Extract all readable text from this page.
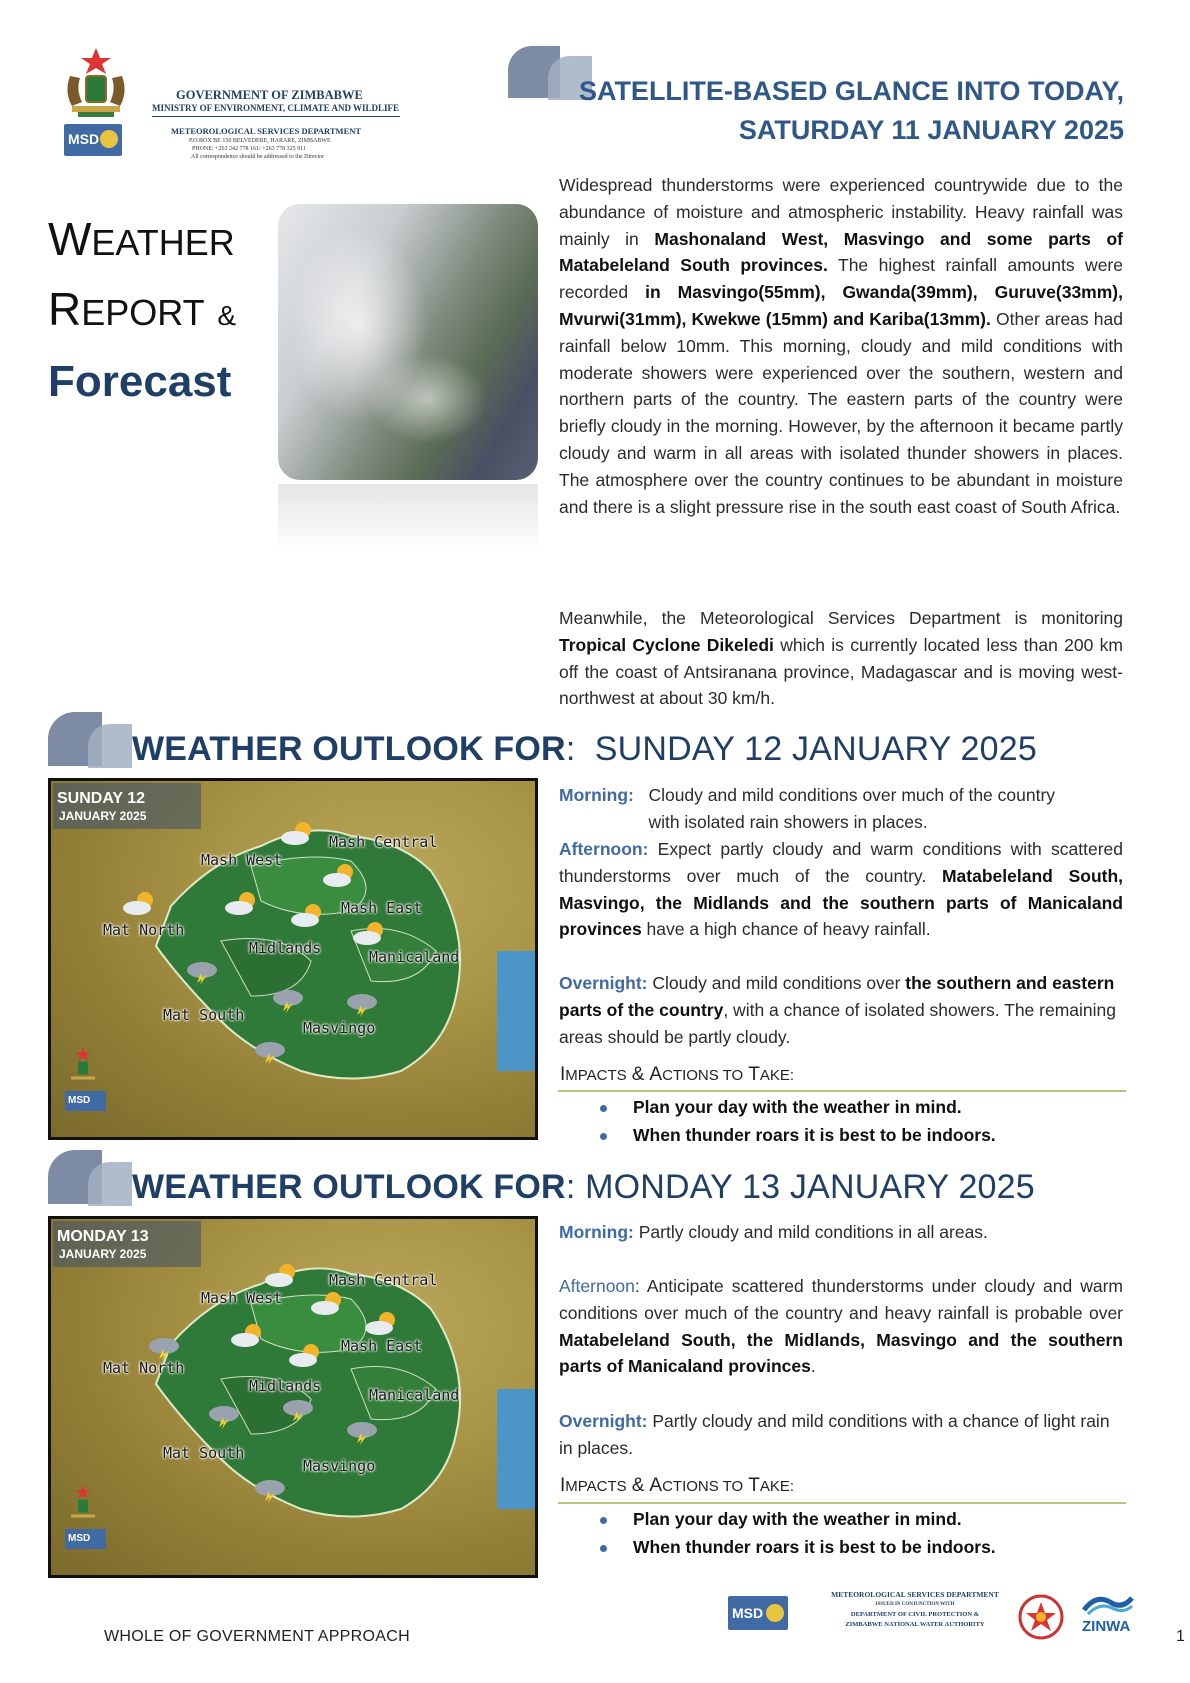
MSD
GOVERNMENT OF ZIMBABWE
MINISTRY OF ENVIRONMENT, CLIMATE AND WILDLIFE
METEOROLOGICAL SERVICES DEPARTMENT
P.O.BOX BE 150 BELVEDERE, HARARE, ZIMBABWE
PHONE: +263 242 778 161/ +263 778 325 911
All correspondence should be addressed to the Director
WEATHER
REPORT &
Forecast
SATELLITE-BASED GLANCE INTO TODAY,
SATURDAY 11 JANUARY 2025
Widespread thunderstorms were experienced countrywide due to the abundance of moisture and atmospheric instability. Heavy rainfall was mainly in Mashonaland West, Masvingo and some parts of Matabeleland South provinces. The highest rainfall amounts were recorded in Masvingo(55mm), Gwanda(39mm), Guruve(33mm), Mvurwi(31mm), Kwekwe (15mm) and Kariba(13mm). Other areas had rainfall below 10mm. This morning, cloudy and mild conditions with moderate showers were experienced over the southern, western and northern parts of the country. The eastern parts of the country were briefly cloudy in the morning. However, by the afternoon it became partly cloudy and warm in all areas with isolated thunder showers in places. The atmosphere over the country continues to be abundant in moisture and there is a slight pressure rise in the south east coast of South Africa.
Meanwhile, the Meteorological Services Department is monitoring Tropical Cyclone Dikeledi which is currently located less than 200 km off the coast of Antsiranana province, Madagascar and is moving west-northwest at about 30 km/h.
WEATHER OUTLOOK FOR: SUNDAY 12 JANUARY 2025
SUNDAY 12
JANUARY 2025
Mash Central
Mash West
Mash East
Mat North
Midlands	Manicaland
Mat South
Masvingo
MSD
Morning: Cloudy and mild conditions over much of the country with isolated rain showers in places.
Afternoon: Expect partly cloudy and warm conditions with scattered thunderstorms over much of the country. Matabeleland South, Masvingo, the Midlands and the southern parts of Manicaland provinces have a high chance of heavy rainfall.
Overnight: Cloudy and mild conditions over the southern and eastern parts of the country, with a chance of isolated showers. The remaining areas should be partly cloudy.
IMPACTS & ACTIONS TO TAKE:
Plan your day with the weather in mind.
When thunder roars it is best to be indoors.
WEATHER OUTLOOK FOR: MONDAY 13 JANUARY 2025
MONDAY 13
JANUARY 2025
Mash Central
Mash West
Mash East
Mat North
Midlands	Manicaland
Mat South
Masvingo
MSD
Morning: Partly cloudy and mild conditions in all areas.
Afternoon: Anticipate scattered thunderstorms under cloudy and warm conditions over much of the country and heavy rainfall is probable over Matabeleland South, the Midlands, Masvingo and the southern parts of Manicaland provinces.
Overnight: Partly cloudy and mild conditions with a chance of light rain in places.
IMPACTS & ACTIONS TO TAKE:
Plan your day with the weather in mind.
When thunder roars it is best to be indoors.
WHOLE OF GOVERNMENT APPROACH
MSD
METEOROLOGICAL SERVICES DEPARTMENT
ISSUED IN CONJUNCTION WITH
DEPARTMENT OF CIVIL PROTECTION &
ZIMBABWE NATIONAL WATER AUTHORITY	ZINWA
1
